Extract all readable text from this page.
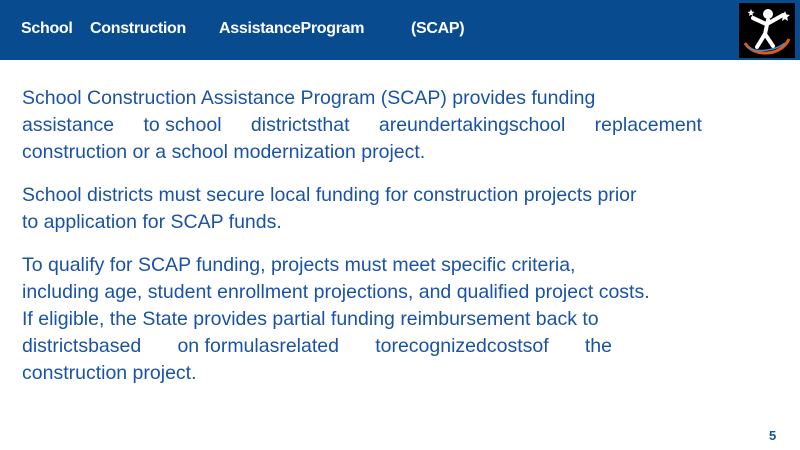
School Construction AssistanceProgram	(SCAP)

School Construction Assistance Program (SCAP) provides funding
assistance to school districtsthat areundertakingschool replacement
construction or a school modernization project.

School districts must secure local funding for construction projects prior
to application for SCAP funds.

To qualify for SCAP funding, projects must meet specific criteria,
including age, student enrollment projections, and qualified project costs.
If eligible, the State provides partial funding reimbursement back to
districtsbased on formulasrelated torecognizedcostsof the
construction project.

5
